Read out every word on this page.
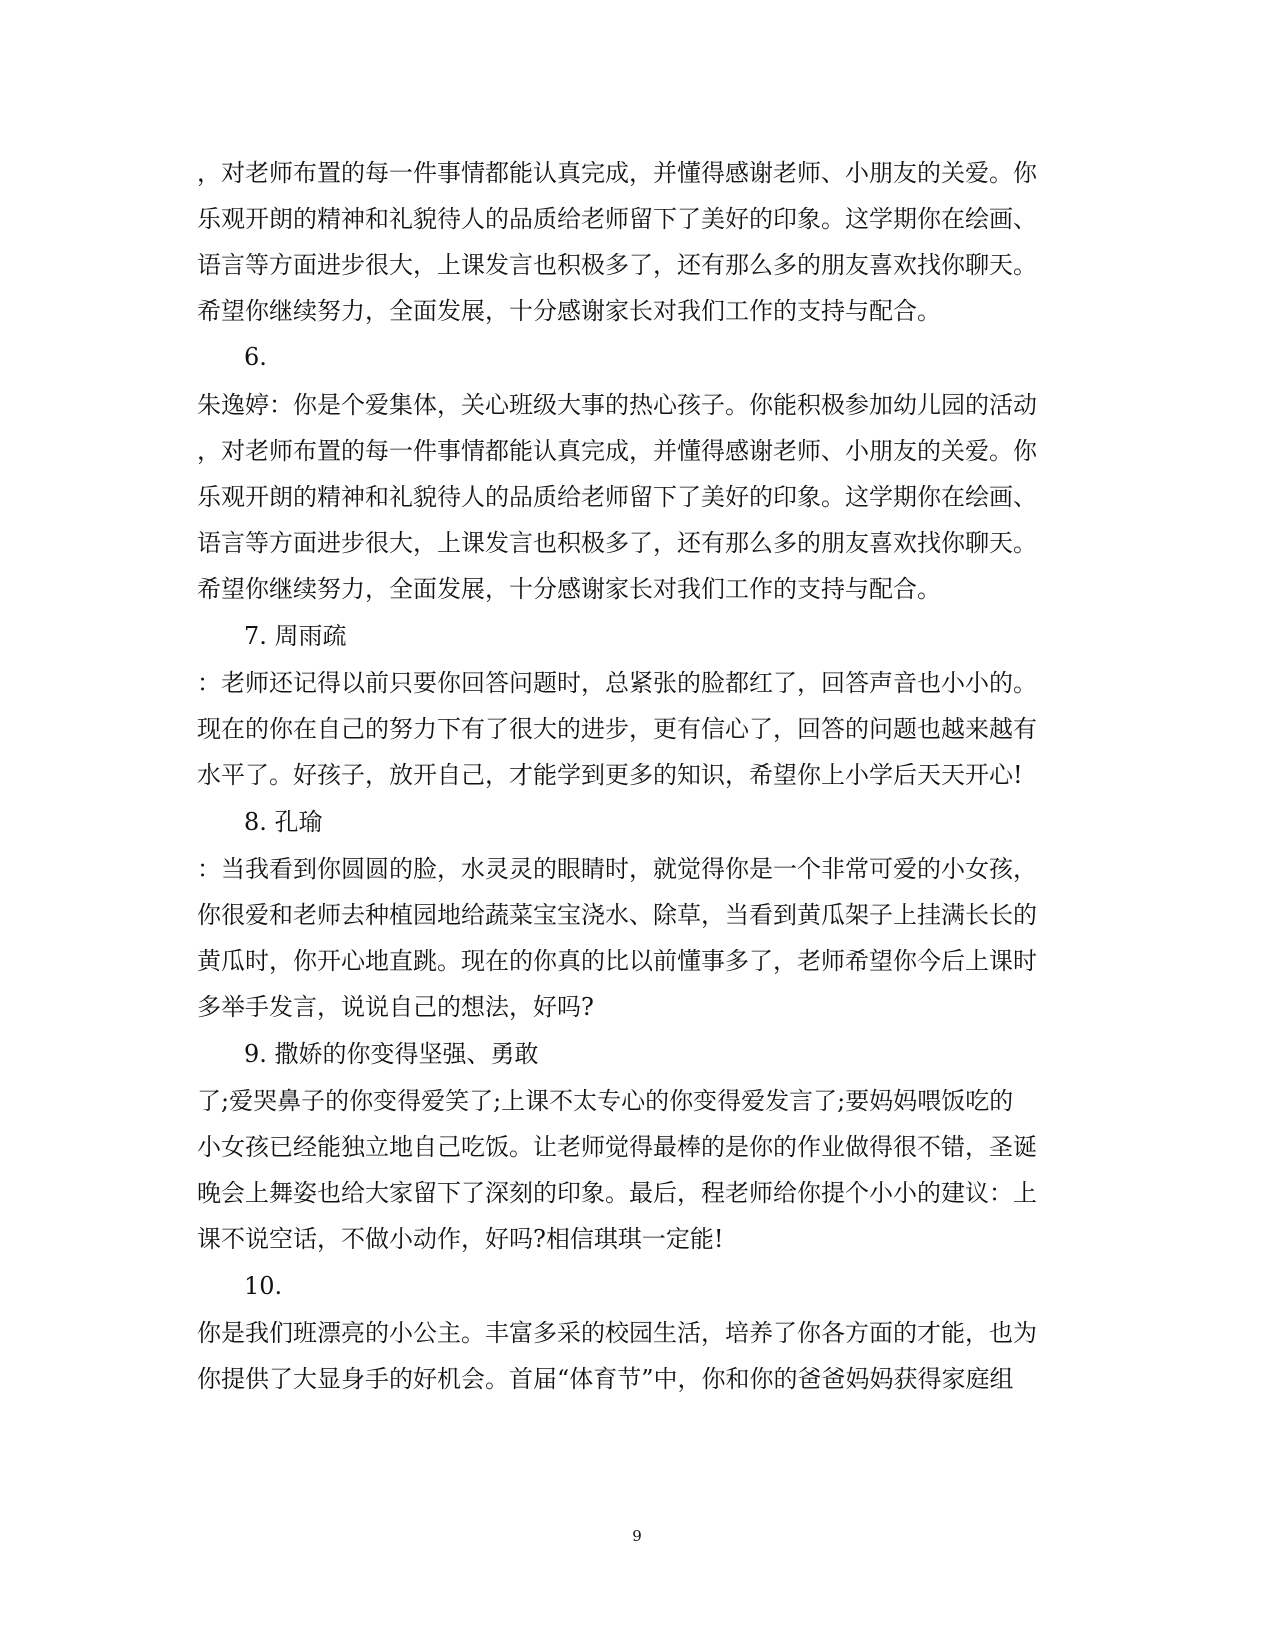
，对老师布置的每一件事情都能认真完成，并懂得感谢老师、小朋友的关爱。你
乐观开朗的精神和礼貌待人的品质给老师留下了美好的印象。这学期你在绘画、
语言等方面进步很大，上课发言也积极多了，还有那么多的朋友喜欢找你聊天。
希望你继续努力，全面发展，十分感谢家长对我们工作的支持与配合。
6.
朱逸婷：你是个爱集体，关心班级大事的热心孩子。你能积极参加幼儿园的活动
，对老师布置的每一件事情都能认真完成，并懂得感谢老师、小朋友的关爱。你
乐观开朗的精神和礼貌待人的品质给老师留下了美好的印象。这学期你在绘画、
语言等方面进步很大，上课发言也积极多了，还有那么多的朋友喜欢找你聊天。
希望你继续努力，全面发展，十分感谢家长对我们工作的支持与配合。
7. 周雨疏
：老师还记得以前只要你回答问题时，总紧张的脸都红了，回答声音也小小的。
现在的你在自己的努力下有了很大的进步，更有信心了，回答的问题也越来越有
水平了。好孩子，放开自己，才能学到更多的知识，希望你上小学后天天开心!
8. 孔瑜
：当我看到你圆圆的脸，水灵灵的眼睛时，就觉得你是一个非常可爱的小女孩，
你很爱和老师去种植园地给蔬菜宝宝浇水、除草，当看到黄瓜架子上挂满长长的
黄瓜时，你开心地直跳。现在的你真的比以前懂事多了，老师希望你今后上课时
多举手发言，说说自己的想法，好吗?
9. 撒娇的你变得坚强、勇敢
了;爱哭鼻子的你变得爱笑了;上课不太专心的你变得爱发言了;要妈妈喂饭吃的
小女孩已经能独立地自己吃饭。让老师觉得最棒的是你的作业做得很不错，圣诞
晚会上舞姿也给大家留下了深刻的印象。最后，程老师给你提个小小的建议：上
课不说空话，不做小动作，好吗?相信琪琪一定能!
10.
你是我们班漂亮的小公主。丰富多采的校园生活，培养了你各方面的才能，也为
你提供了大显身手的好机会。首届“体育节”中，你和你的爸爸妈妈获得家庭组
9
